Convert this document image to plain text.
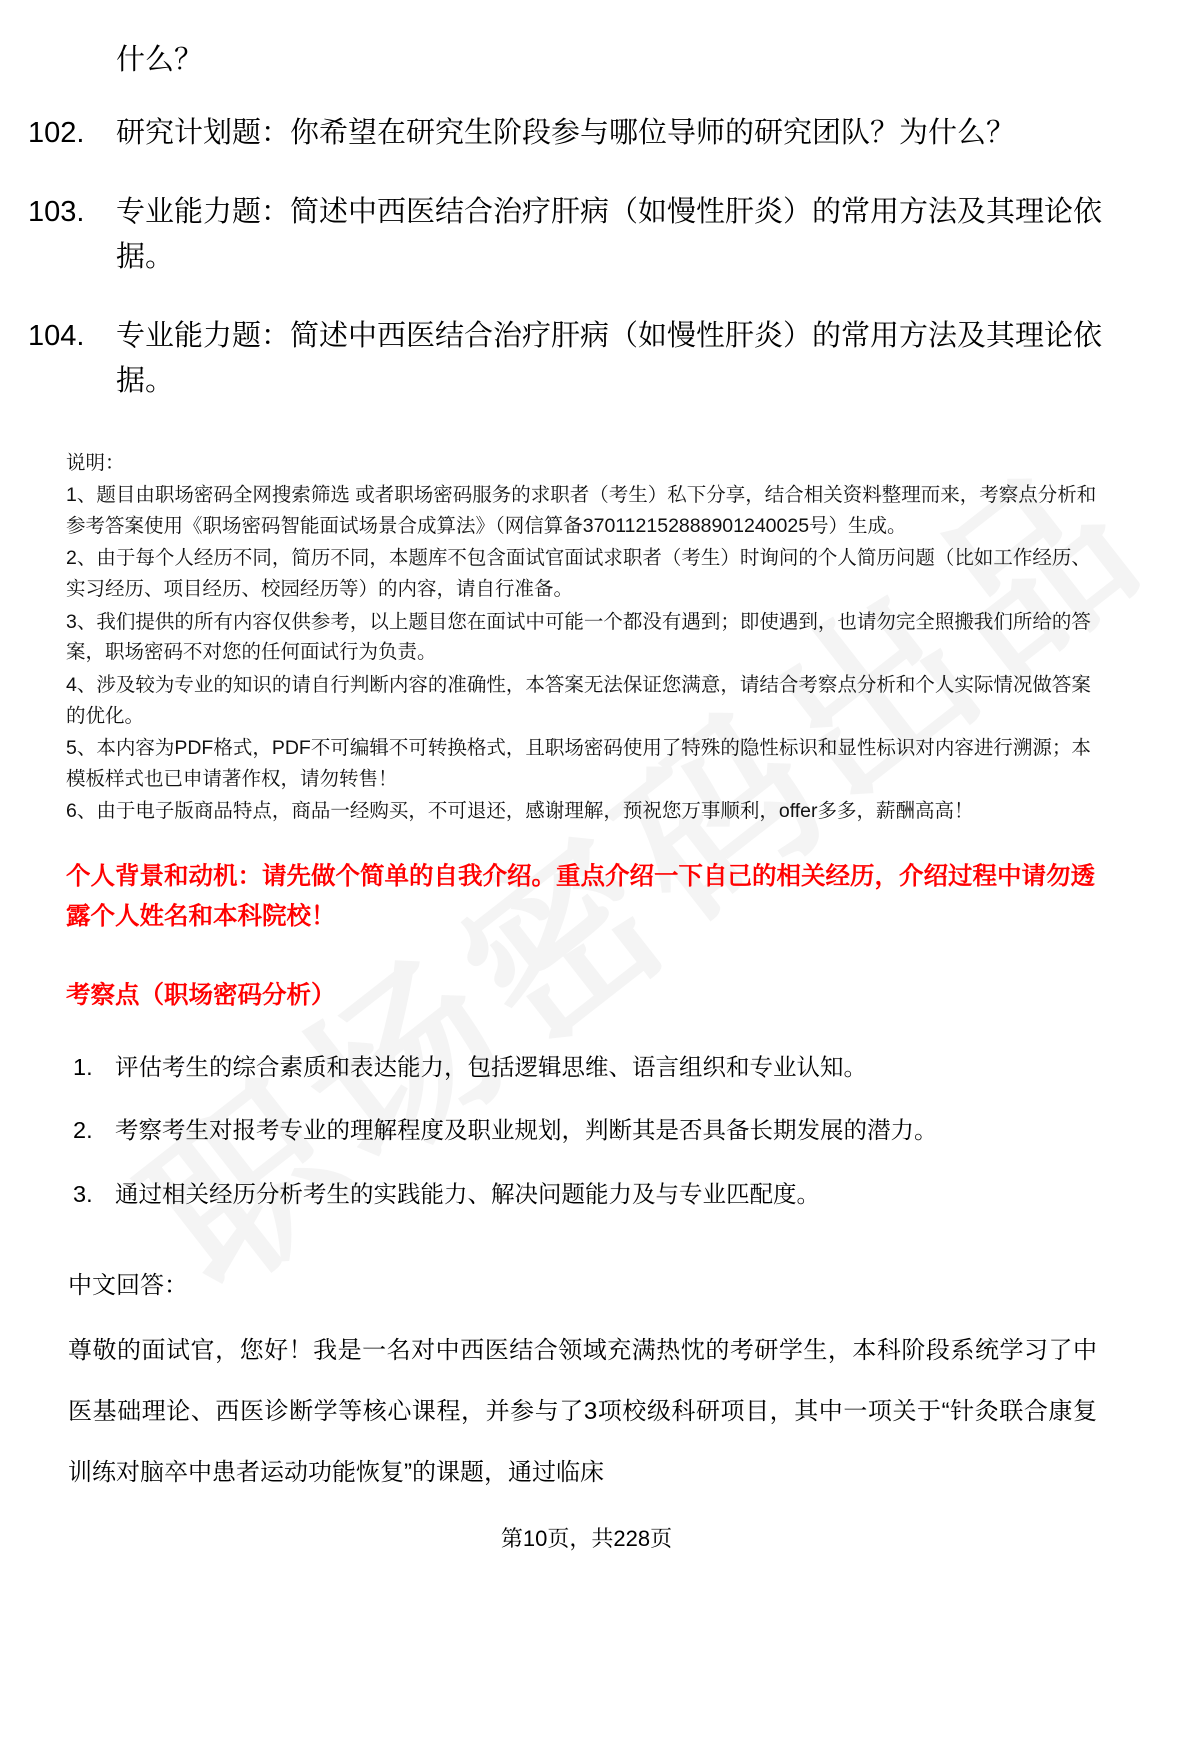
什么？
102.	研究计划题：你希望在研究生阶段参与哪位导师的研究团队？为什么？
103.	专业能力题：简述中西医结合治疗肝病（如慢性肝炎）的常用方法及其理论依据。
104.	专业能力题：简述中西医结合治疗肝病（如慢性肝炎）的常用方法及其理论依据。
说明：
1、题目由职场密码全网搜索筛选 或者职场密码服务的求职者（考生）私下分享，结合相关资料整理而来，考察点分析和参考答案使用《职场密码智能面试场景合成算法》（网信算备370112152888901240025号）生成。
2、由于每个人经历不同，简历不同，本题库不包含面试官面试求职者（考生）时询问的个人简历问题（比如工作经历、实习经历、项目经历、校园经历等）的内容，请自行准备。
3、我们提供的所有内容仅供参考，以上题目您在面试中可能一个都没有遇到；即使遇到，也请勿完全照搬我们所给的答案，职场密码不对您的任何面试行为负责。
4、涉及较为专业的知识的请自行判断内容的准确性，本答案无法保证您满意，请结合考察点分析和个人实际情况做答案的优化。
5、本内容为PDF格式，PDF不可编辑不可转换格式，且职场密码使用了特殊的隐性标识和显性标识对内容进行溯源；本模板样式也已申请著作权，请勿转售！
6、由于电子版商品特点，商品一经购买，不可退还，感谢理解，预祝您万事顺利，offer多多，薪酬高高！
个人背景和动机：请先做个简单的自我介绍。重点介绍一下自己的相关经历，介绍过程中请勿透露个人姓名和本科院校！
考察点（职场密码分析）
1. 评估考生的综合素质和表达能力，包括逻辑思维、语言组织和专业认知。
2. 考察考生对报考专业的理解程度及职业规划，判断其是否具备长期发展的潜力。
3. 通过相关经历分析考生的实践能力、解决问题能力及与专业匹配度。
中文回答：
尊敬的面试官，您好！我是一名对中西医结合领域充满热忱的考研学生，本科阶段系统学习了中医基础理论、西医诊断学等核心课程，并参与了3项校级科研项目，其中一项关于“针灸联合康复训练对脑卒中患者运动功能恢复”的课题，通过临床
第10页，共228页
